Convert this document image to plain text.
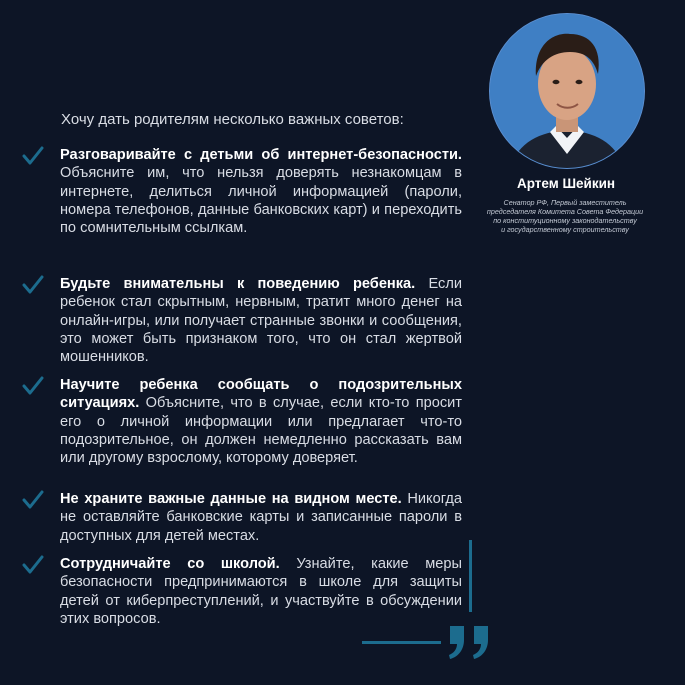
Хочу дать родителям несколько важных советов:

Разговаривайте с детьми об интернет-безопасности. Объясните им, что нельзя доверять незнакомцам в интернете, делиться личной информацией (пароли, номера телефонов, данные банковских карт) и переходить по сомнительным ссылкам.
Будьте внимательны к поведению ребенка. Если ребенок стал скрытным, нервным, тратит много денег на онлайн-игры, или получает странные звонки и сообщения, это может быть признаком того, что он стал жертвой мошенников.
Научите ребенка сообщать о подозрительных ситуациях. Объясните, что в случае, если кто-то просит его о личной информации или предлагает что-то подозрительное, он должен немедленно рассказать вам или другому взрослому, которому доверяет.
Не храните важные данные на видном месте. Никогда не оставляйте банковские карты и записанные пароли в доступных для детей местах.
Сотрудничайте со школой. Узнайте, какие меры безопасности предпринимаются в школе для защиты детей от киберпреступлений, и участвуйте в обсуждении этих вопросов.

Артем Шейкин

Сенатор РФ, Первый заместитель
председателя Комитета Совета Федерации
по конституционному законодательству
и государственному строительству
